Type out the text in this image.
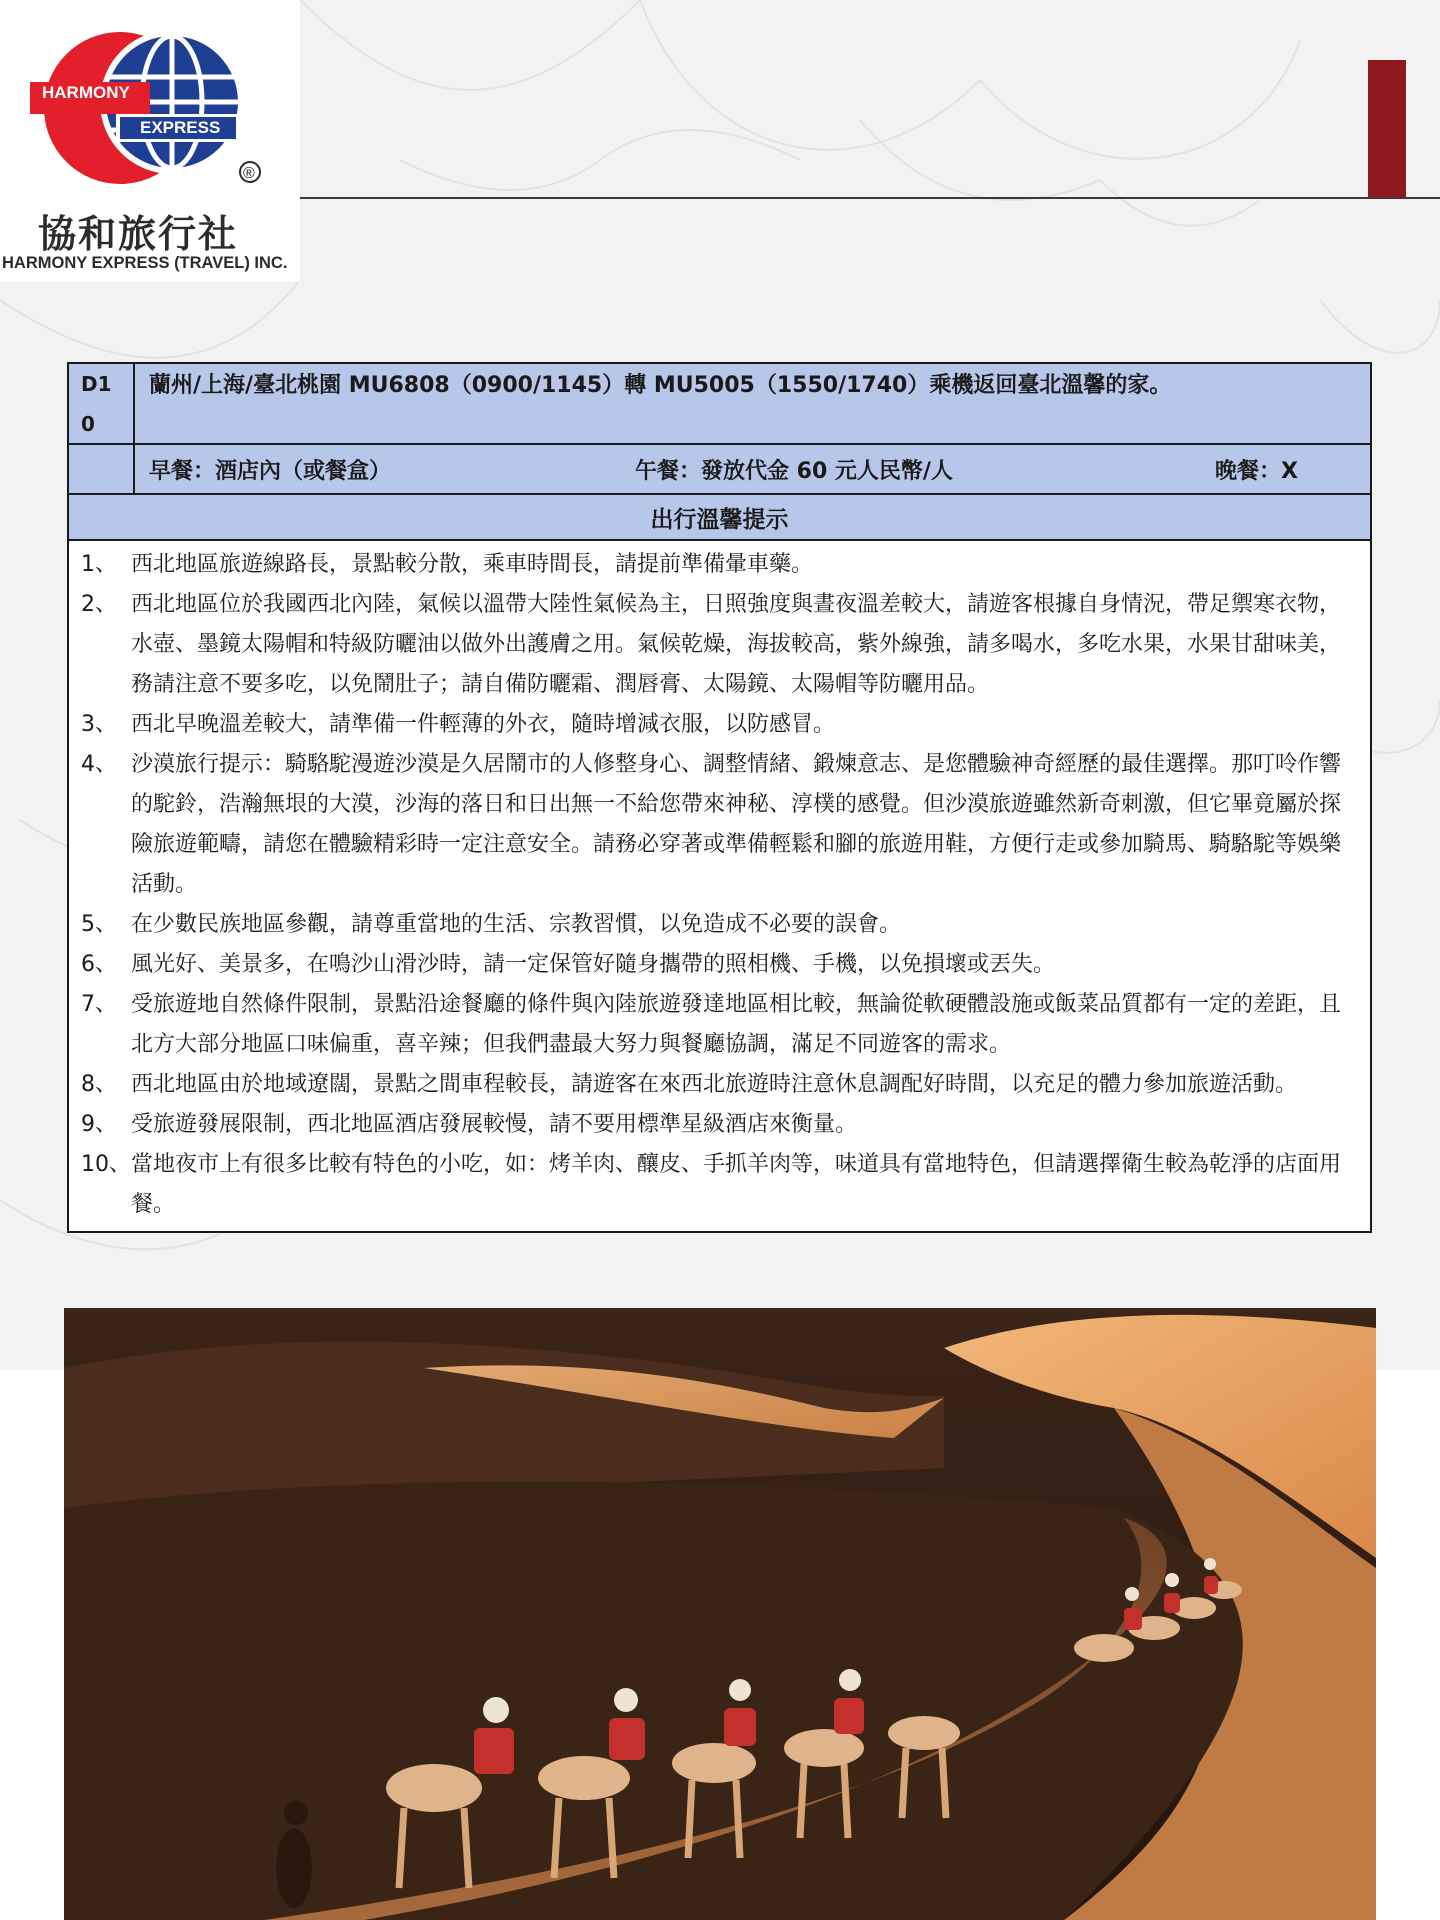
HARMONY
EXPRESS
®
協和旅行社
HARMONY EXPRESS (TRAVEL) INC.
D1
0
蘭州/上海/臺北桃園 MU6808（0900/1145）轉 MU5005（1550/1740）乘機返回臺北溫馨的家。
早餐：酒店內（或餐盒）	午餐：發放代金 60 元人民幣/人	晚餐：X
出行溫馨提示
1、 西北地區旅遊線路長，景點較分散，乘車時間長，請提前準備暈車藥。
2、 西北地區位於我國西北內陸，氣候以溫帶大陸性氣候為主，日照強度與晝夜溫差較大，請遊客根據自身情況，帶足禦寒衣物，水壺、墨鏡太陽帽和特級防曬油以做外出護膚之用。氣候乾燥，海拔較高，紫外線強，請多喝水，多吃水果，水果甘甜味美，務請注意不要多吃，以免鬧肚子；請自備防曬霜、潤唇膏、太陽鏡、太陽帽等防曬用品。
3、 西北早晚溫差較大，請準備一件輕薄的外衣，隨時增減衣服，以防感冒。
4、 沙漠旅行提示：騎駱駝漫遊沙漠是久居鬧市的人修整身心、調整情緒、鍛煉意志、是您體驗神奇經歷的最佳選擇。那叮呤作響的駝鈴，浩瀚無垠的大漠，沙海的落日和日出無一不給您帶來神秘、淳樸的感覺。但沙漠旅遊雖然新奇刺激，但它畢竟屬於探險旅遊範疇，請您在體驗精彩時一定注意安全。請務必穿著或準備輕鬆和腳的旅遊用鞋，方便行走或參加騎馬、騎駱駝等娛樂活動。
5、 在少數民族地區參觀，請尊重當地的生活、宗教習慣，以免造成不必要的誤會。
6、 風光好、美景多，在鳴沙山滑沙時，請一定保管好隨身攜帶的照相機、手機，以免損壞或丟失。
7、 受旅遊地自然條件限制，景點沿途餐廳的條件與內陸旅遊發達地區相比較，無論從軟硬體設施或飯菜品質都有一定的差距，且北方大部分地區口味偏重，喜辛辣；但我們盡最大努力與餐廳協調，滿足不同遊客的需求。
8、 西北地區由於地域遼闊，景點之間車程較長，請遊客在來西北旅遊時注意休息調配好時間，以充足的體力參加旅遊活動。
9、 受旅遊發展限制，西北地區酒店發展較慢，請不要用標準星級酒店來衡量。
10、 當地夜市上有很多比較有特色的小吃，如：烤羊肉、釀皮、手抓羊肉等，味道具有當地特色，但請選擇衛生較為乾淨的店面用餐。
